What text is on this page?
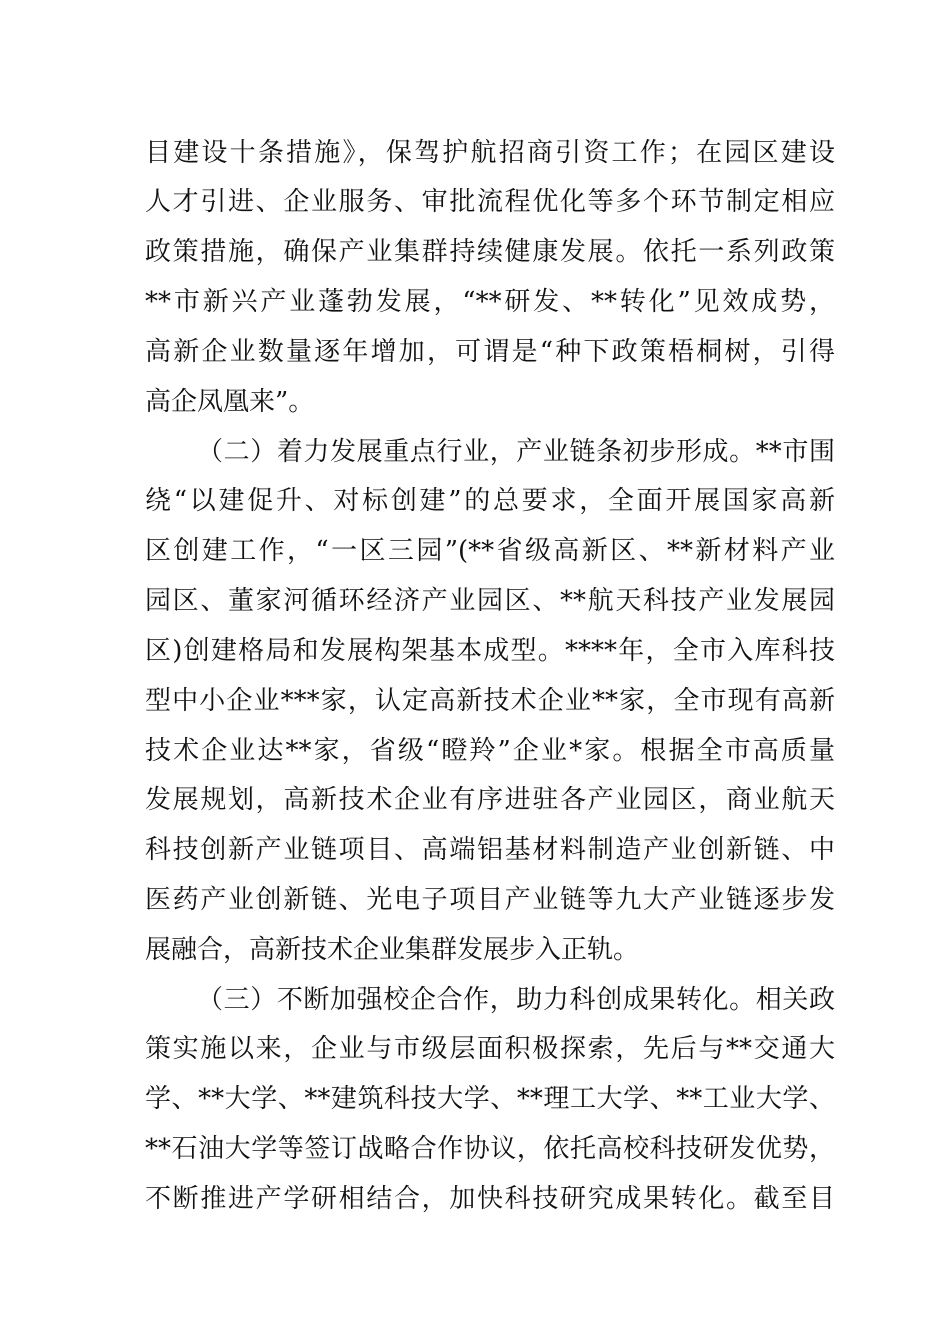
目建设十条措施》，保驾护航招商引资工作；在园区建设
人才引进、企业服务、审批流程优化等多个环节制定相应
政策措施，确保产业集群持续健康发展。依托一系列政策
**市新兴产业蓬勃发展，“**研发、**转化”见效成势，
高新企业数量逐年增加，可谓是“种下政策梧桐树，引得
高企凤凰来”。
（二）着力发展重点行业，产业链条初步形成。**市围
绕“以建促升、对标创建”的总要求，全面开展国家高新
区创建工作，“一区三园”(**省级高新区、**新材料产业
园区、董家河循环经济产业园区、**航天科技产业发展园
区)创建格局和发展构架基本成型。****年，全市入库科技
型中小企业***家，认定高新技术企业**家，全市现有高新
技术企业达**家，省级“瞪羚”企业*家。根据全市高质量
发展规划，高新技术企业有序进驻各产业园区，商业航天
科技创新产业链项目、高端铝基材料制造产业创新链、中
医药产业创新链、光电子项目产业链等九大产业链逐步发
展融合，高新技术企业集群发展步入正轨。
（三）不断加强校企合作，助力科创成果转化。相关政
策实施以来，企业与市级层面积极探索，先后与**交通大
学、**大学、**建筑科技大学、**理工大学、**工业大学、
**石油大学等签订战略合作协议，依托高校科技研发优势，
不断推进产学研相结合，加快科技研究成果转化。截至目
